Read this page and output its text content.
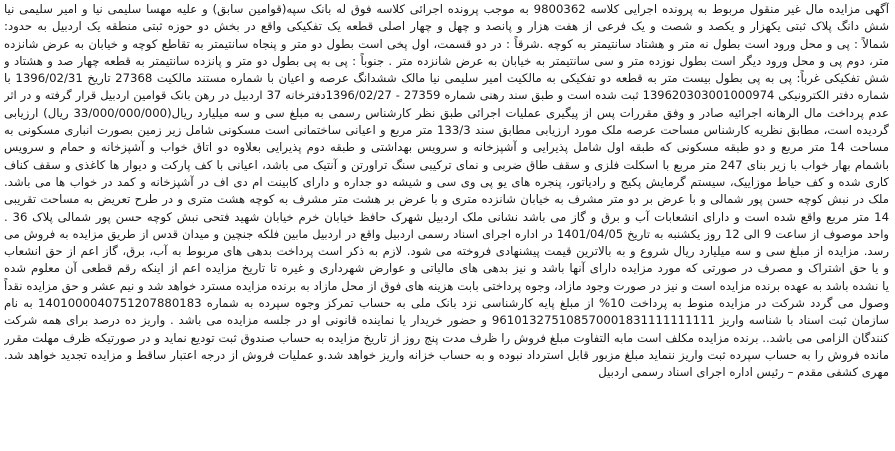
آگهی مزایده مال غیر منقول مربوط به پرونده اجرایی کلاسه 9800362 به موجب پرونده اجرائی کلاسه فوق له بانک سپه(قوامین سابق) و علیه مهسا سلیمی نیا و امیر سلیمی نیا
شش دانگ پلاک ثبتی یکهزار و یکصد و شصت و یک فرعی از هفت هزار و پانصد و چهل و چهار اصلی قطعه یک تفکیکی واقع در بخش دو حوزه ثبتی منطقه یک اردبیل به حدود:
شمالاً : پی و محل ورود است بطول نه متر و هشتاد سانتیمتر به کوچه .شرقاً : در دو قسمت، اول پخی است بطول دو متر و پنجاه سانتیمتر به تقاطع کوچه و خیابان به عرض شانزده
متر، دوم پی و محل ورود دیگر است بطول نوزده متر و سی سانتیمتر به خیابان به عرض شانزده متر . جنوباً : پی به پی بطول دو متر و پانزده سانتیمتر به قطعه چهار صد و هشتاد و
شش تفکیکی غرباً: پی به پی بطول بیست متر به قطعه دو تفکیکی به مالکیت امیر سلیمی نیا مالک ششدانگ عرصه و اعیان با شماره مستند مالکیت 27368 تاریخ 1396/02/31 با
شماره دفتر الکترونیکی 139620303001000974 ثبت شده است و طبق سند رهنی شماره 27359 - 1396/02/27دفترخانه 37 اردبیل در رهن بانک قوامین اردبیل قرار گرفته و در اثر
عدم پرداخت مال الرهانه اجرائیه صادر و وفق مقررات پس از پیگیری عملیات اجرائی طبق نظر کارشناس رسمی به مبلغ سی و سه میلیارد ریال(33/000/000/000 ریال) ارزیابی
گردیده است، مطابق نظریه کارشناس مساحت عرصه ملک مورد ارزیابی مطابق سند 133/3 متر مربع و اعیانی ساختمانی است مسکونی شامل زیر زمین بصورت انباری مسکونی به
مساحت 14 متر مربع و دو طبقه مسکونی که طبقه اول شامل پذیرایی و آشپزخانه و سرویس بهداشتی و طبقه دوم پذیرایی بعلاوه دو اتاق خواب و آشپزخانه و حمام و سرویس
باشمام بهار خواب با زیر بنای 247 متر مربع با اسکلت فلزی و سقف طاق ضربی و نمای ترکیبی سنگ تراورتن و آنتیک می باشد، اعیانی با کف پارکت و دیوار ها کاغذی و سقف کناف
کاری شده و کف حیاط موزاییک، سیستم گرمایش پکیج و رادیاتور، پنجره های یو پی وی سی و شیشه دو جداره و دارای کابینت ام دی اف در آشپزخانه و کمد در خواب ها می باشد.
ملک در نبش کوچه حسن پور شمالی و با عرض بر دو متر مشرف به خیابان شانزده متری و با عرض بر هشت متر مشرف به کوچه هشت متری و در طرح تعریض به مساحت تقریبی
14 متر مربع واقع شده است و دارای انشعابات آب و برق و گاز می باشد نشانی ملک اردبیل شهرک حافظ خیابان خرم خیابان شهید فتحی نبش کوچه حسن پور شمالی پلاک 36 .
واحد موصوف از ساعت 9 الی 12 روز یکشنبه به تاریخ 1401/04/05 در اداره اجرای اسناد رسمی اردبیل واقع در اردبیل مابین فلکه جنچین و میدان قدس از طریق مزایده به فروش می
رسد. مزایده از مبلغ سی و سه میلیارد ریال شروع و به بالاترین قیمت پیشنهادی فروخته می شود. لازم به ذکر است پرداخت بدهی های مربوط به آب، برق، گاز اعم از حق انشعاب
و یا حق اشتراک و مصرف در صورتی که مورد مزایده دارای آنها باشد و نیز بدهی های مالیاتی و عوارض شهرداری و غیره تا تاریخ مزایده اعم از اینکه رقم قطعی آن معلوم شده
یا نشده باشد به عهده برنده مزایده است و نیز در صورت وجود مازاد، وجوه پرداختی بابت هزینه های فوق از محل مازاد به برنده مزایده مسترد خواهد شد و نیم عشر و حق مزایده نقداً
وصول می گردد شرکت در مزایده منوط به پرداخت 10% از مبلغ پایه کارشناسی نزد بانک ملی به حساب تمرکز وجوه سپرده به شماره 1401000040751207880183 به نام
سازمان ثبت اسناد با شناسه واریز 961013275108570001831111111111 و حضور خریدار یا نماینده قانونی او در جلسه مزایده می باشد . واریز ده درصد برای همه شرکت
کنندگان الزامی می باشد.. برنده مزایده مکلف است مابه التفاوت مبلغ فروش را ظرف مدت پنج روز از تاریخ مزایده به حساب صندوق ثبت تودیع نماید و در صورتیکه ظرف مهلت مقرر
مانده فروش را به حساب سپرده ثبت واریز ننماید مبلغ مزبور قابل استرداد نبوده و به حساب خزانه واریز خواهد شد.و عملیات فروش از درجه اعتبار ساقط و مزایده تجدید خواهد شد.
مهری کشفی مقدم – رئیس اداره اجرای اسناد رسمی اردبیل
